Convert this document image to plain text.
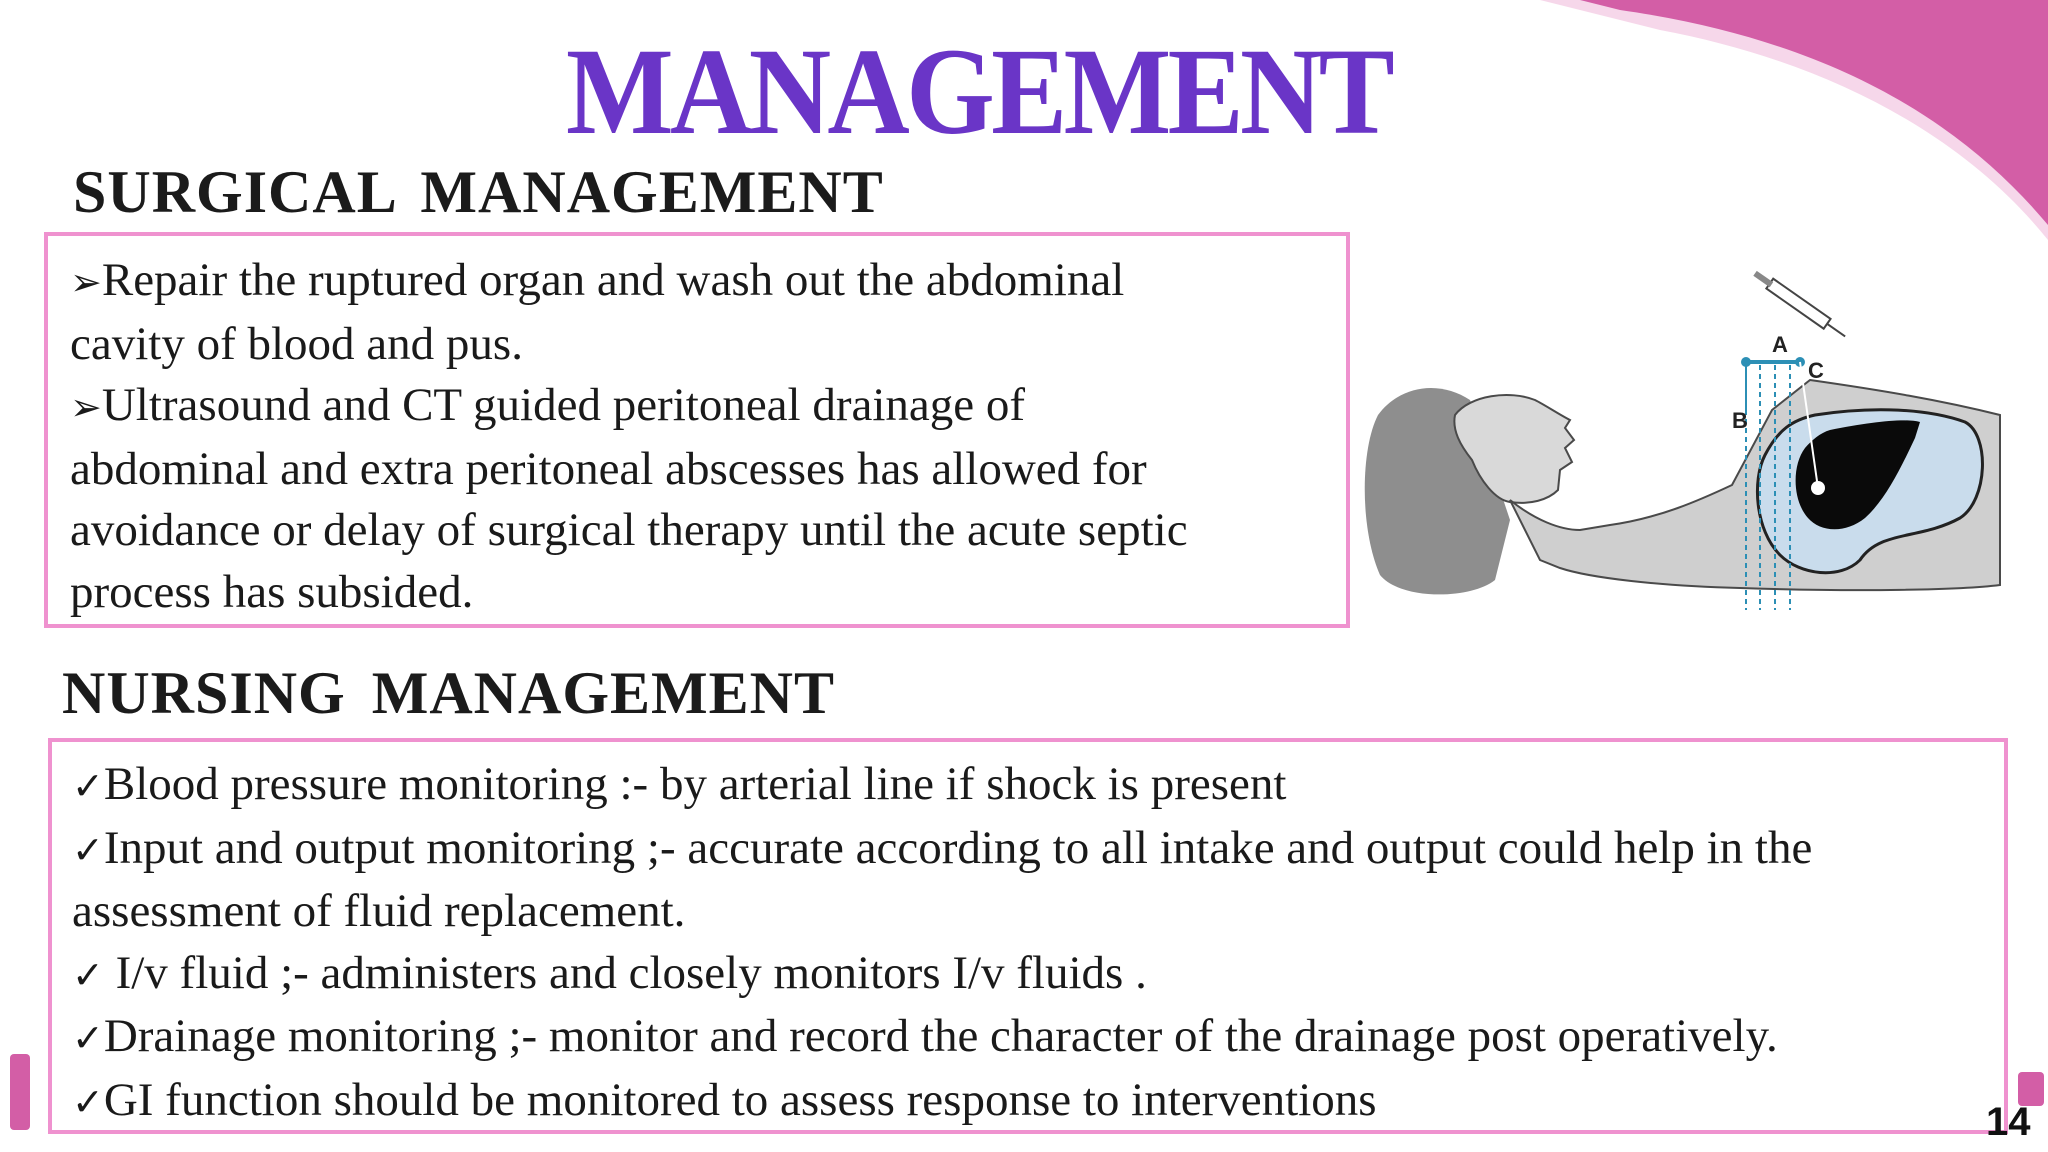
MANAGEMENT
SURGICAL MANAGEMENT

➢Repair the ruptured organ and wash out the abdominal

cavity of blood and pus.

➢Ultrasound and CT guided peritoneal drainage of

abdominal and extra peritoneal abscesses has allowed for

avoidance or delay of surgical therapy until the acute septic

process has subsided.

A
C
B
NURSING MANAGEMENT

✓Blood pressure monitoring :- by arterial line if shock is present

✓Input and output monitoring ;- accurate according to all intake and output could help in the

assessment of fluid replacement.

✓ I/v fluid ;- administers and closely monitors I/v fluids .

✓Drainage monitoring ;- monitor and record the character of the drainage post operatively.

✓GI function should be monitored to assess response to interventions	14
